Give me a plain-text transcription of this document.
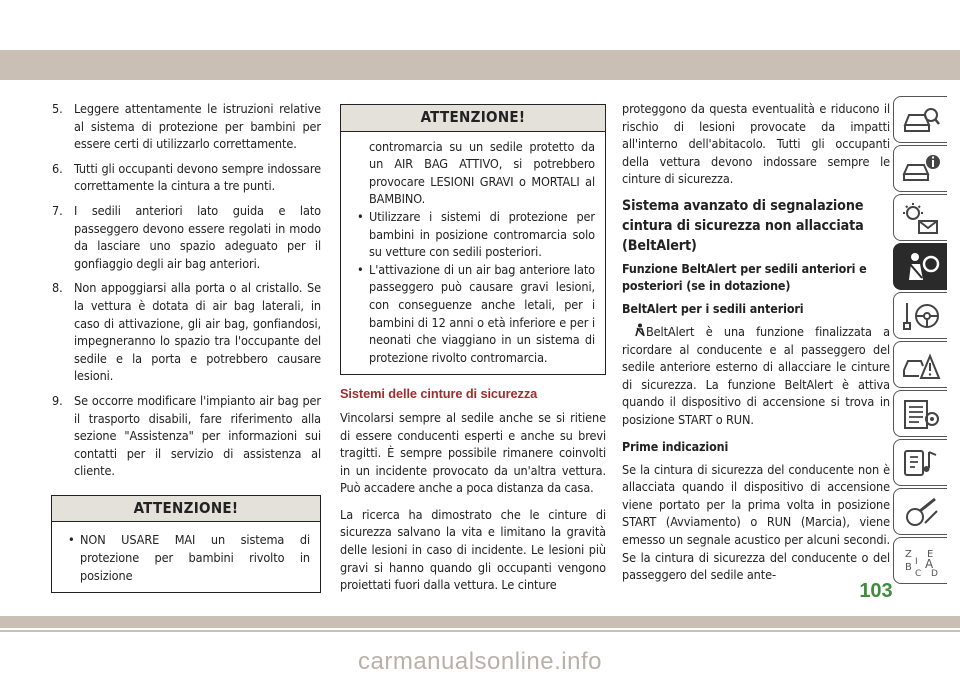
5. Leggere attentamente le istruzioni relative al sistema di protezione per bambini per essere certi di utilizzarlo correttamente.
6. Tutti gli occupanti devono sempre indossare correttamente la cintura a tre punti.
7. I sedili anteriori lato guida e lato passeggero devono essere regolati in modo da lasciare uno spazio adeguato per il gonfiaggio degli air bag anteriori.
8. Non appoggiarsi alla porta o al cristallo. Se la vettura è dotata di air bag laterali, in caso di attivazione, gli air bag, gonfiandosi, impegneranno lo spazio tra l'occupante del sedile e la porta e potrebbero causare lesioni.
9. Se occorre modificare l'impianto air bag per il trasporto disabili, fare riferimento alla sezione "Assistenza" per informazioni sui contatti per il servizio di assistenza al cliente.
ATTENZIONE!
• NON USARE MAI un sistema di protezione per bambini rivolto in posizione
ATTENZIONE!
contromarcia su un sedile protetto da un AIR BAG ATTIVO, si potrebbero provocare LESIONI GRAVI o MORTALI al BAMBINO.
• Utilizzare i sistemi di protezione per bambini in posizione contromarcia solo su vetture con sedili posteriori.
• L'attivazione di un air bag anteriore lato passeggero può causare gravi lesioni, con conseguenze anche letali, per i bambini di 12 anni o età inferiore e per i neonati che viaggiano in un sistema di protezione rivolto contromarcia.
Sistemi delle cinture di sicurezza

Vincolarsi sempre al sedile anche se si ritiene di essere conducenti esperti e anche su brevi tragitti. È sempre possibile rimanere coinvolti in un incidente provocato da un'altra vettura. Può accadere anche a poca distanza da casa.

La ricerca ha dimostrato che le cinture di sicurezza salvano la vita e limitano la gravità delle lesioni in caso di incidente. Le lesioni più gravi si hanno quando gli occupanti vengono proiettati fuori dalla vettura. Le cinture

proteggono da questa eventualità e riducono il rischio di lesioni provocate da impatti all'interno dell'abitacolo. Tutti gli occupanti della vettura devono indossare sempre le cinture di sicurezza.

Sistema avanzato di segnalazione cintura di sicurezza non allacciata (BeltAlert)
Funzione BeltAlert per sedili anteriori e posteriori (se in dotazione)
BeltAlert per i sedili anteriori

BeltAlert è una funzione finalizzata a ricordare al conducente e al passeggero del sedile anteriore esterno di allacciare le cinture di sicurezza. La funzione BeltAlert è attiva quando il dispositivo di accensione si trova in posizione START o RUN.

Prime indicazioni

Se la cintura di sicurezza del conducente non è allacciata quando il dispositivo di accensione viene portato per la prima volta in posizione START (Avviamento) o RUN (Marcia), viene emesso un segnale acustico per alcuni secondi. Se la cintura di sicurezza del conducente o del passeggero del sedile ante-

Z E
B A
C
I
D
103
carmanualsonline.info
